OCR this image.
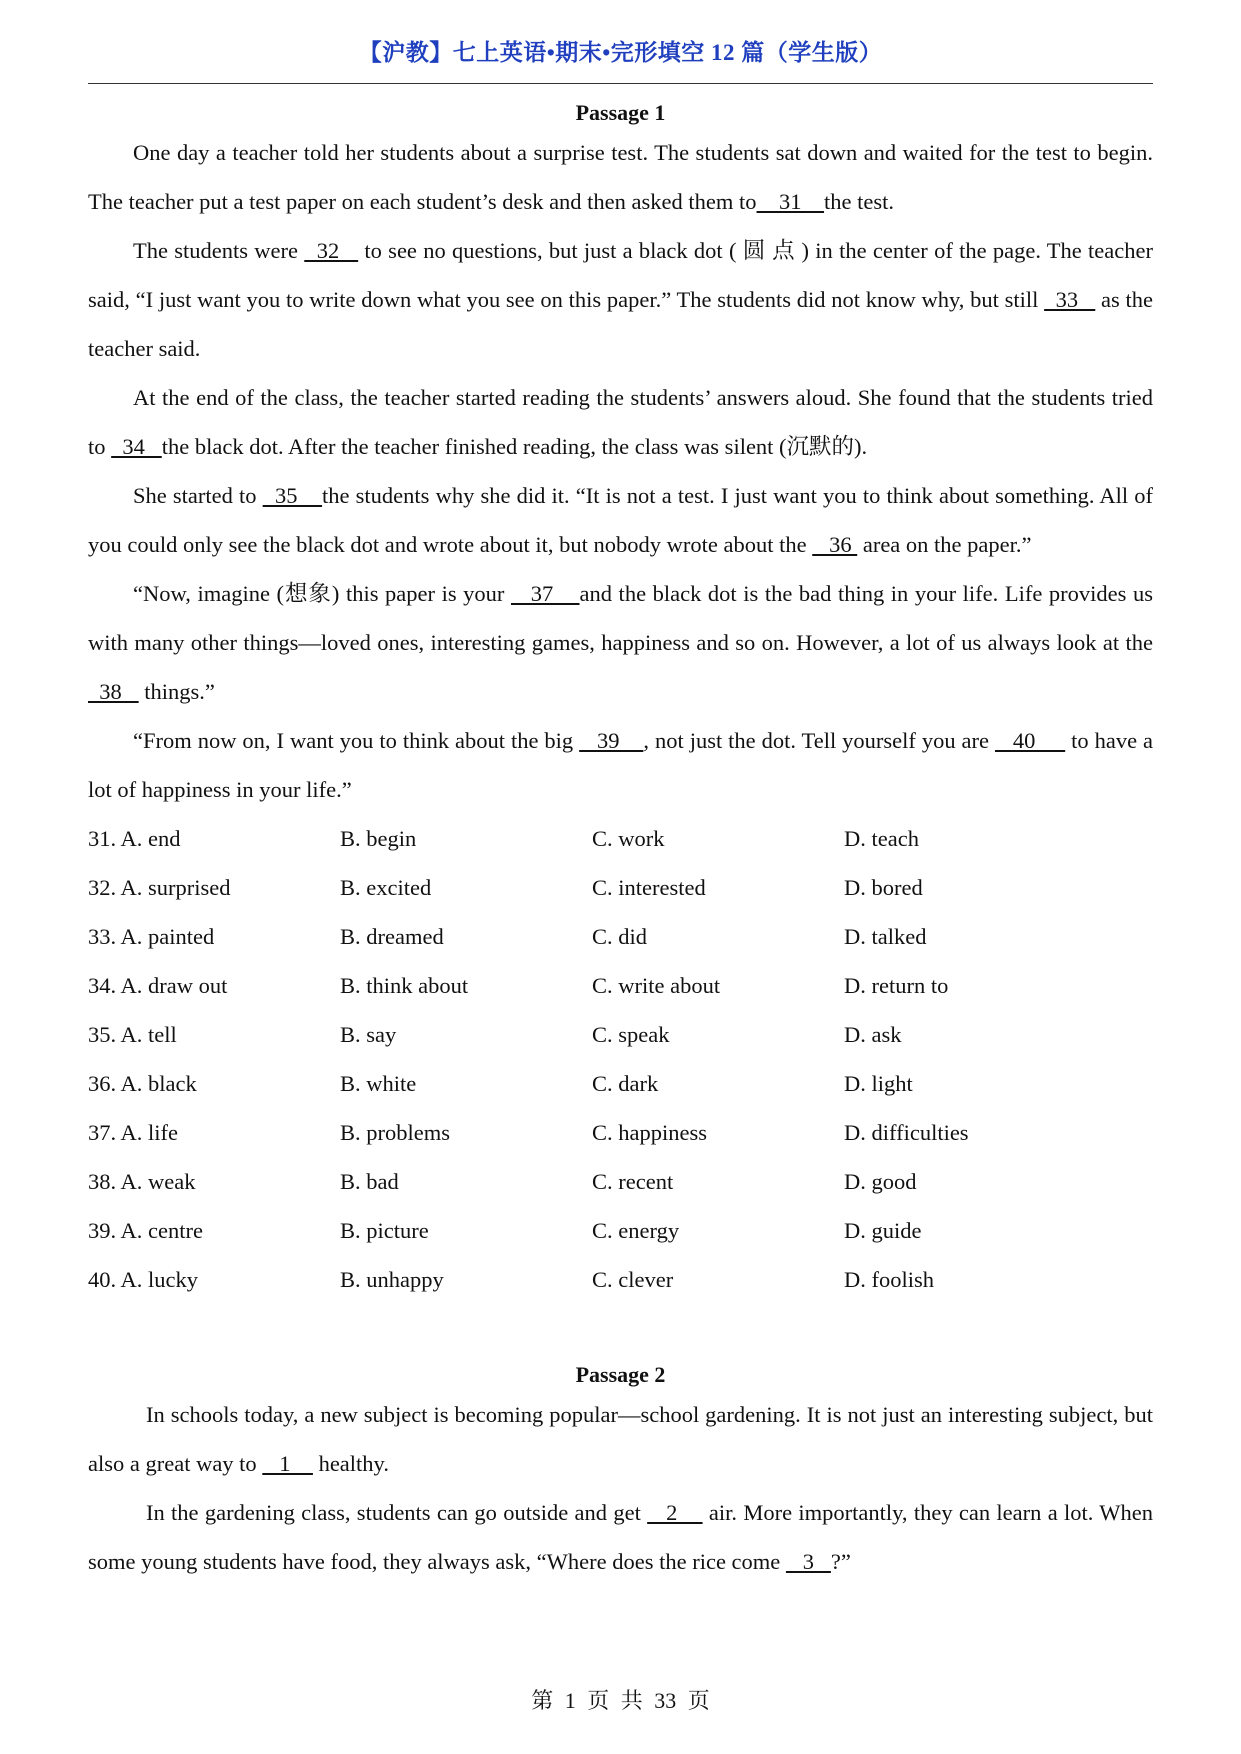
【沪教】七上英语•期末•完形填空 12 篇（学生版）

Passage 1

One day a teacher told her students about a surprise test. The students sat down and waited for the test to begin. The teacher put a test paper on each student’s desk and then asked them to    31    the test.

The students were   32    to see no questions, but just a black dot ( 圆 点 ) in the center of the page. The teacher said, “I just want you to write down what you see on this paper.” The students did not know why, but still   33    as the teacher said.

At the end of the class, the teacher started reading the students’ answers aloud. She found that the students tried to   34   the black dot. After the teacher finished reading, the class was silent (沉默的).

She started to   35    the students why she did it. “It is not a test. I just want you to think about something. All of you could only see the black dot and wrote about it, but nobody wrote about the    36  area on the paper.”

“Now, imagine (想象) this paper is your    37    and the black dot is the bad thing in your life. Life provides us with many other things—loved ones, interesting games, happiness and so on. However, a lot of us always look at the   38    things.”

“From now on, I want you to think about the big    39    , not just the dot. Tell yourself you are    40      to have a lot of happiness in your life.”

31. A. end	B. begin	C. work	D. teach
32. A. surprised	B. excited	C. interested	D. bored
33. A. painted	B. dreamed	C. did	D. talked
34. A. draw out	B. think about	C. write about	D. return to
35. A. tell	B. say	C. speak	D. ask
36. A. black	B. white	C. dark	D. light
37. A. life	B. problems	C. happiness	D. difficulties
38. A. weak	B. bad	C. recent	D. good
39. A. centre	B. picture	C. energy	D. guide
40. A. lucky	B. unhappy	C. clever	D. foolish

Passage 2

In schools today, a new subject is becoming popular—school gardening. It is not just an interesting subject, but also a great way to    1     healthy.

In the gardening class, students can go outside and get    2     air. More importantly, they can learn a lot. When some young students have food, they always ask, “Where does the rice come    3   ?”

第 1 页 共 33 页
